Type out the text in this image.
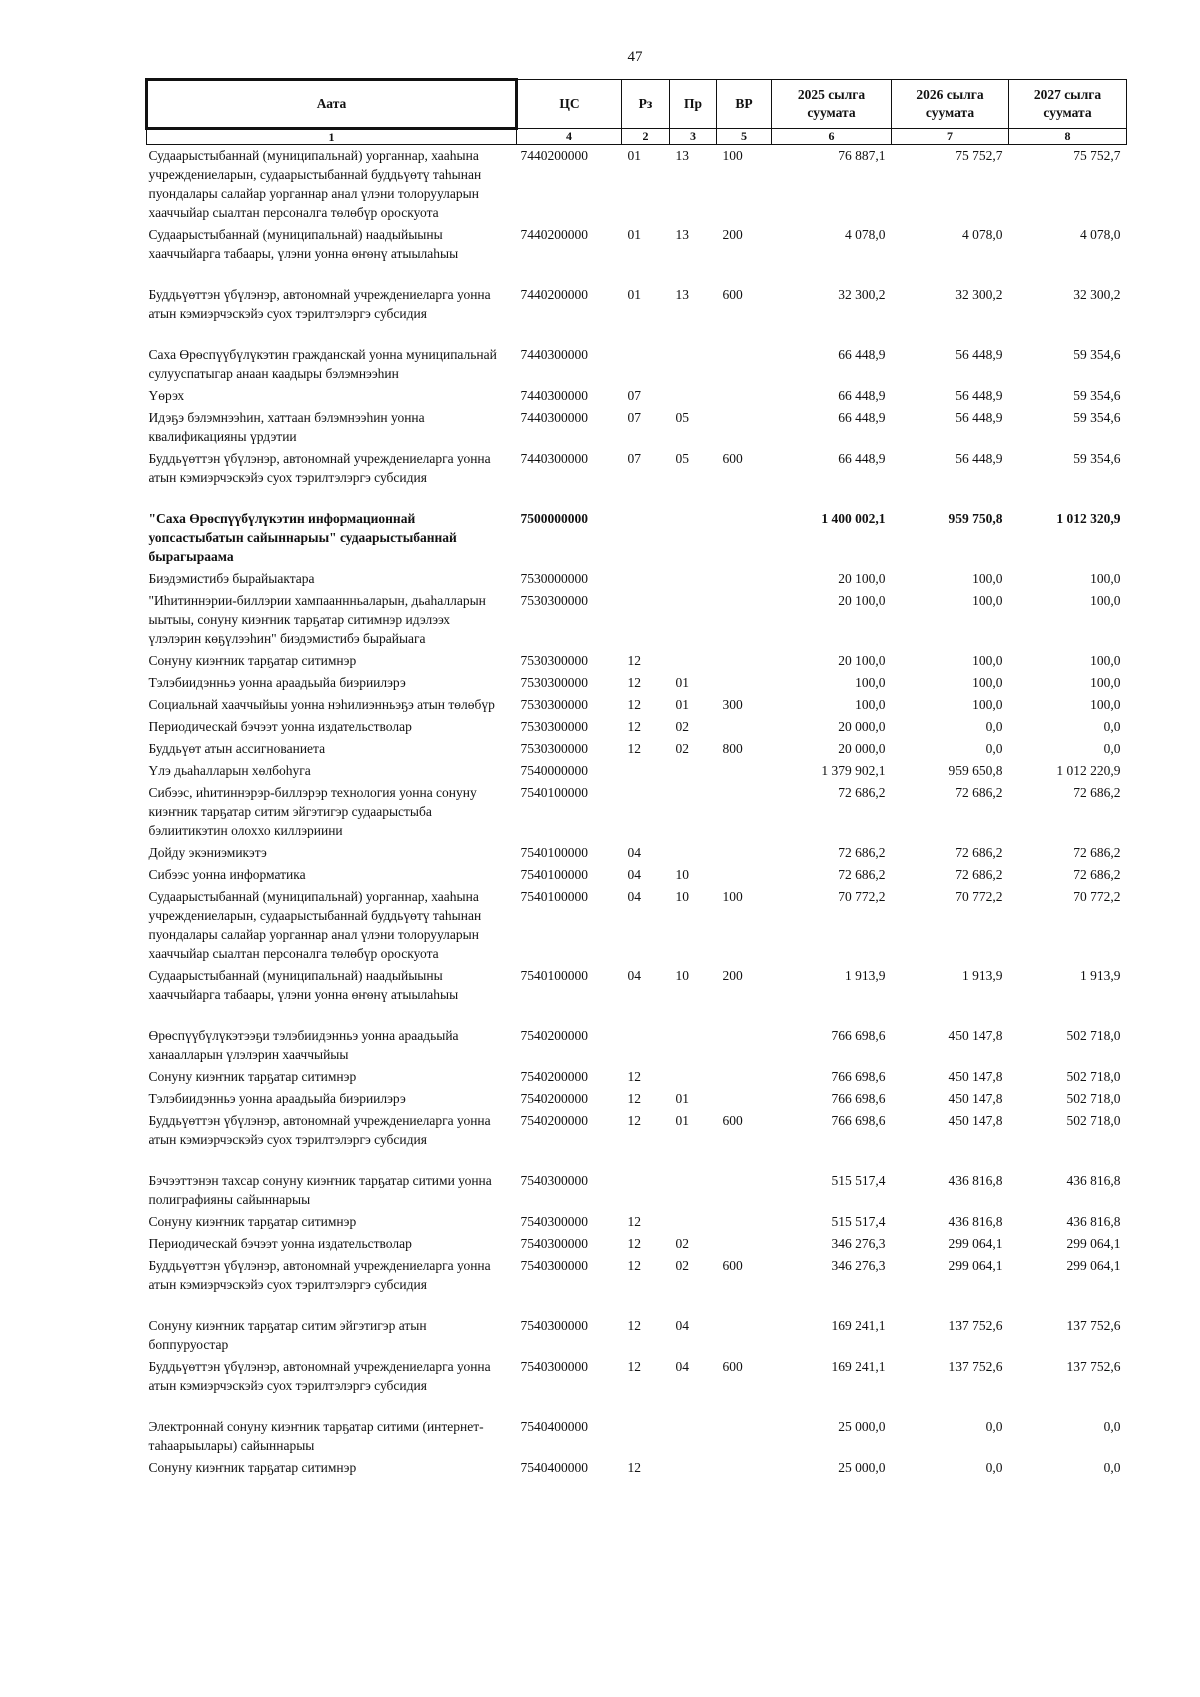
47
Аата	ЦС	Рз	Пр	ВР	2025 сылга суумата	2026 сылга суумата	2027 сылга суумата
1	4	2	3	5	6	7	8
Судаарыстыбаннай (муниципальнай) уорганнар, хааһына учреждениеларын, судаарыстыбаннай буддьүөтү таһынан пуондалары салайар уорганнар анал үлэни толорууларын хааччыйар сыалтан персоналга төлөбүр ороскуота	7440200000	01	13	100	76 887,1	75 752,7	75 752,7
Судаарыстыбаннай (муниципальнай) наадыйыыны хааччыйарга табаары, үлэни уонна өҥөнү атыылаһыы	7440200000	01	13	200	4 078,0	4 078,0	4 078,0
Буддьүөттэн үбүлэнэр, автономнай учреждениеларга уонна атын кэмиэрчэскэйэ суох тэрилтэлэргэ субсидия	7440200000	01	13	600	32 300,2	32 300,2	32 300,2
Саха Өрөспүүбүлүкэтин гражданскай уонна муниципальнай сулууспатыгар анаан каадыры бэлэмнээһин	7440300000				66 448,9	56 448,9	59 354,6
Үөрэх	7440300000	07			66 448,9	56 448,9	59 354,6
Идэҕэ бэлэмнээһин, хаттаан бэлэмнээһин уонна квалификацияны үрдэтии	7440300000	07	05		66 448,9	56 448,9	59 354,6
Буддьүөттэн үбүлэнэр, автономнай учреждениеларга уонна атын кэмиэрчэскэйэ суох тэрилтэлэргэ субсидия	7440300000	07	05	600	66 448,9	56 448,9	59 354,6
"Саха Өрөспүүбүлүкэтин информационнай уопсастыбатын сайыннарыы" судаарыстыбаннай бырагыраама	7500000000				1 400 002,1	959 750,8	1 012 320,9
Биэдэмистибэ бырайыактара	7530000000				20 100,0	100,0	100,0
"Иһитиннэрии-биллэрии хампааннньаларын, дьаһалларын ыытыы, сонуну киэҥник тарҕатар ситимнэр идэлээх үлэлэрин көҕүлээһин" биэдэмистибэ бырайыага	7530300000				20 100,0	100,0	100,0
Сонуну киэҥник тарҕатар ситимнэр	7530300000	12			20 100,0	100,0	100,0
Тэлэбиидэнньэ уонна араадьыйа биэриилэрэ	7530300000	12	01		100,0	100,0	100,0
Социальнай хааччыйыы уонна нэһилиэнньэҕэ атын төлөбүр	7530300000	12	01	300	100,0	100,0	100,0
Периодическай бэчээт уонна издательстволар	7530300000	12	02		20 000,0	0,0	0,0
Буддьүөт атын ассигнованиета	7530300000	12	02	800	20 000,0	0,0	0,0
Үлэ дьаһалларын хөлбоһуга	7540000000				1 379 902,1	959 650,8	1 012 220,9
Сибээс, иһитиннэрэр-биллэрэр технология уонна сонуну киэҥник тарҕатар ситим эйгэтигэр судаарыстыба бэлиитикэтин олоххо киллэриини	7540100000				72 686,2	72 686,2	72 686,2
Дойду экэниэмикэтэ	7540100000	04			72 686,2	72 686,2	72 686,2
Сибээс уонна информатика	7540100000	04	10		72 686,2	72 686,2	72 686,2
Судаарыстыбаннай (муниципальнай) уорганнар, хааһына учреждениеларын, судаарыстыбаннай буддьүөтү таһынан пуондалары салайар уорганнар анал үлэни толорууларын хааччыйар сыалтан персоналга төлөбүр ороскуота	7540100000	04	10	100	70 772,2	70 772,2	70 772,2
Судаарыстыбаннай (муниципальнай) наадыйыыны хааччыйарга табаары, үлэни уонна өҥөнү атыылаһыы	7540100000	04	10	200	1 913,9	1 913,9	1 913,9
Өрөспүүбүлүкэтээҕи тэлэбиидэнньэ уонна араадьыйа ханаалларын үлэлэрин хааччыйыы	7540200000				766 698,6	450 147,8	502 718,0
Сонуну киэҥник тарҕатар ситимнэр	7540200000	12			766 698,6	450 147,8	502 718,0
Тэлэбиидэнньэ уонна араадьыйа биэриилэрэ	7540200000	12	01		766 698,6	450 147,8	502 718,0
Буддьүөттэн үбүлэнэр, автономнай учреждениеларга уонна атын кэмиэрчэскэйэ суох тэрилтэлэргэ субсидия	7540200000	12	01	600	766 698,6	450 147,8	502 718,0
Бэчээттэнэн тахсар сонуну киэҥник тарҕатар ситими уонна полиграфияны сайыннарыы	7540300000				515 517,4	436 816,8	436 816,8
Сонуну киэҥник тарҕатар ситимнэр	7540300000	12			515 517,4	436 816,8	436 816,8
Периодическай бэчээт уонна издательстволар	7540300000	12	02		346 276,3	299 064,1	299 064,1
Буддьүөттэн үбүлэнэр, автономнай учреждениеларга уонна атын кэмиэрчэскэйэ суох тэрилтэлэргэ субсидия	7540300000	12	02	600	346 276,3	299 064,1	299 064,1
Сонуну киэҥник тарҕатар ситим эйгэтигэр атын боппуруостар	7540300000	12	04		169 241,1	137 752,6	137 752,6
Буддьүөттэн үбүлэнэр, автономнай учреждениеларга уонна атын кэмиэрчэскэйэ суох тэрилтэлэргэ субсидия	7540300000	12	04	600	169 241,1	137 752,6	137 752,6
Электроннай сонуну киэҥник тарҕатар ситими (интернет-таһаарыылары) сайыннарыы	7540400000				25 000,0	0,0	0,0
Сонуну киэҥник тарҕатар ситимнэр	7540400000	12			25 000,0	0,0	0,0
